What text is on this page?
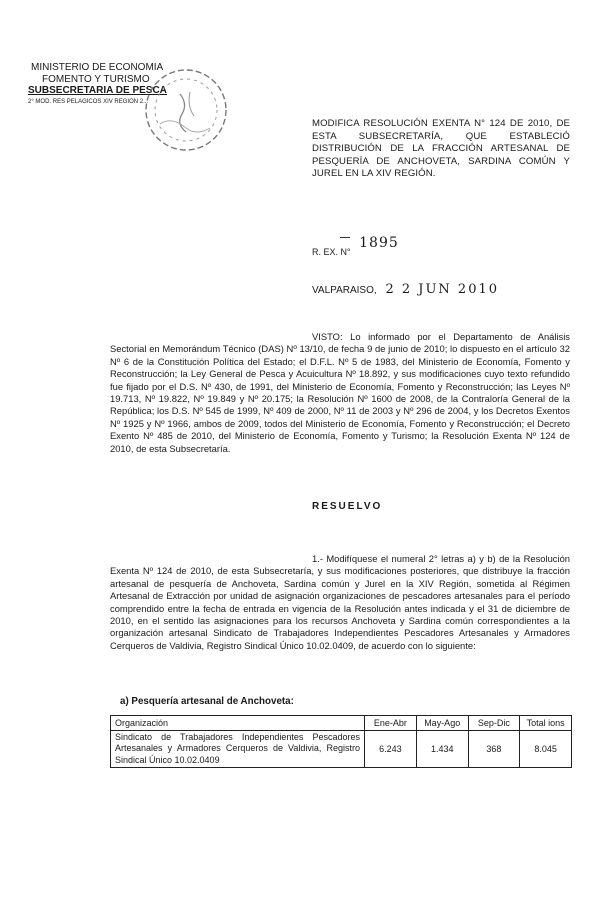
MINISTERIO DE ECONOMIA
FOMENTO Y TURISMO
SUBSECRETARIA DE PESCA
2° MOD. RES PELAGICOS XIV REGION 2...
MODIFICA RESOLUCIÓN EXENTA N° 124 DE 2010, DE ESTA SUBSECRETARÍA, QUE ESTABLECIÓ DISTRIBUCIÓN DE LA FRACCIÓN ARTESANAL DE PESQUERÍA DE ANCHOVETA, SARDINA COMÚN Y JUREL EN LA XIV REGIÓN.
R. EX. N° 1895
VALPARAISO, 2 2 JUN 2010
VISTO: Lo informado por el Departamento de Análisis Sectorial en Memorándum Técnico (DAS) Nº 13/10, de fecha 9 de junio de 2010; lo dispuesto en el artículo 32 Nº 6 de la Constitución Política del Estado; el D.F.L. Nº 5 de 1983, del Ministerio de Economía, Fomento y Reconstrucción; la Ley General de Pesca y Acuicultura Nº 18.892, y sus modificaciones cuyo texto refundido fue fijado por el D.S. Nº 430, de 1991, del Ministerio de Economía, Fomento y Reconstrucción; las Leyes Nº 19.713, Nº 19.822, Nº 19.849 y Nº 20.175; la Resolución Nº 1600 de 2008, de la Contraloría General de la República; los D.S. Nº 545 de 1999, Nº 409 de 2000, Nº 11 de 2003 y Nº 296 de 2004, y los Decretos Exentos Nº 1925 y Nº 1966, ambos de 2009, todos del Ministerio de Economía, Fomento y Reconstrucción; el Decreto Exento Nº 485 de 2010, del Ministerio de Economía, Fomento y Turismo; la Resolución Exenta Nº 124 de 2010, de esta Subsecretaría.
RESUELVO
1.- Modifíquese el numeral 2° letras a) y b) de la Resolución Exenta Nº 124 de 2010, de esta Subsecretaría, y sus modificaciones posteriores, que distribuye la fracción artesanal de pesquería de Anchoveta, Sardina común y Jurel en la XIV Región, sometida al Régimen Artesanal de Extracción por unidad de asignación organizaciones de pescadores artesanales para el período comprendido entre la fecha de entrada en vigencia de la Resolución antes indicada y el 31 de diciembre de 2010, en el sentido las asignaciones para los recursos Anchoveta y Sardina común correspondientes a la organización artesanal Sindicato de Trabajadores Independientes Pescadores Artesanales y Armadores Cerqueros de Valdivia, Registro Sindical Único 10.02.0409, de acuerdo con lo siguiente:
a) Pesquería artesanal de Anchoveta:
Organización	Ene-Abr	May-Ago	Sep-Dic	Total ions
Sindicato de Trabajadores Independientes Pescadores Artesanales y Armadores Cerqueros de Valdivia, Registro Sindical Único 10.02.0409	6.243	1.434	368	8.045
